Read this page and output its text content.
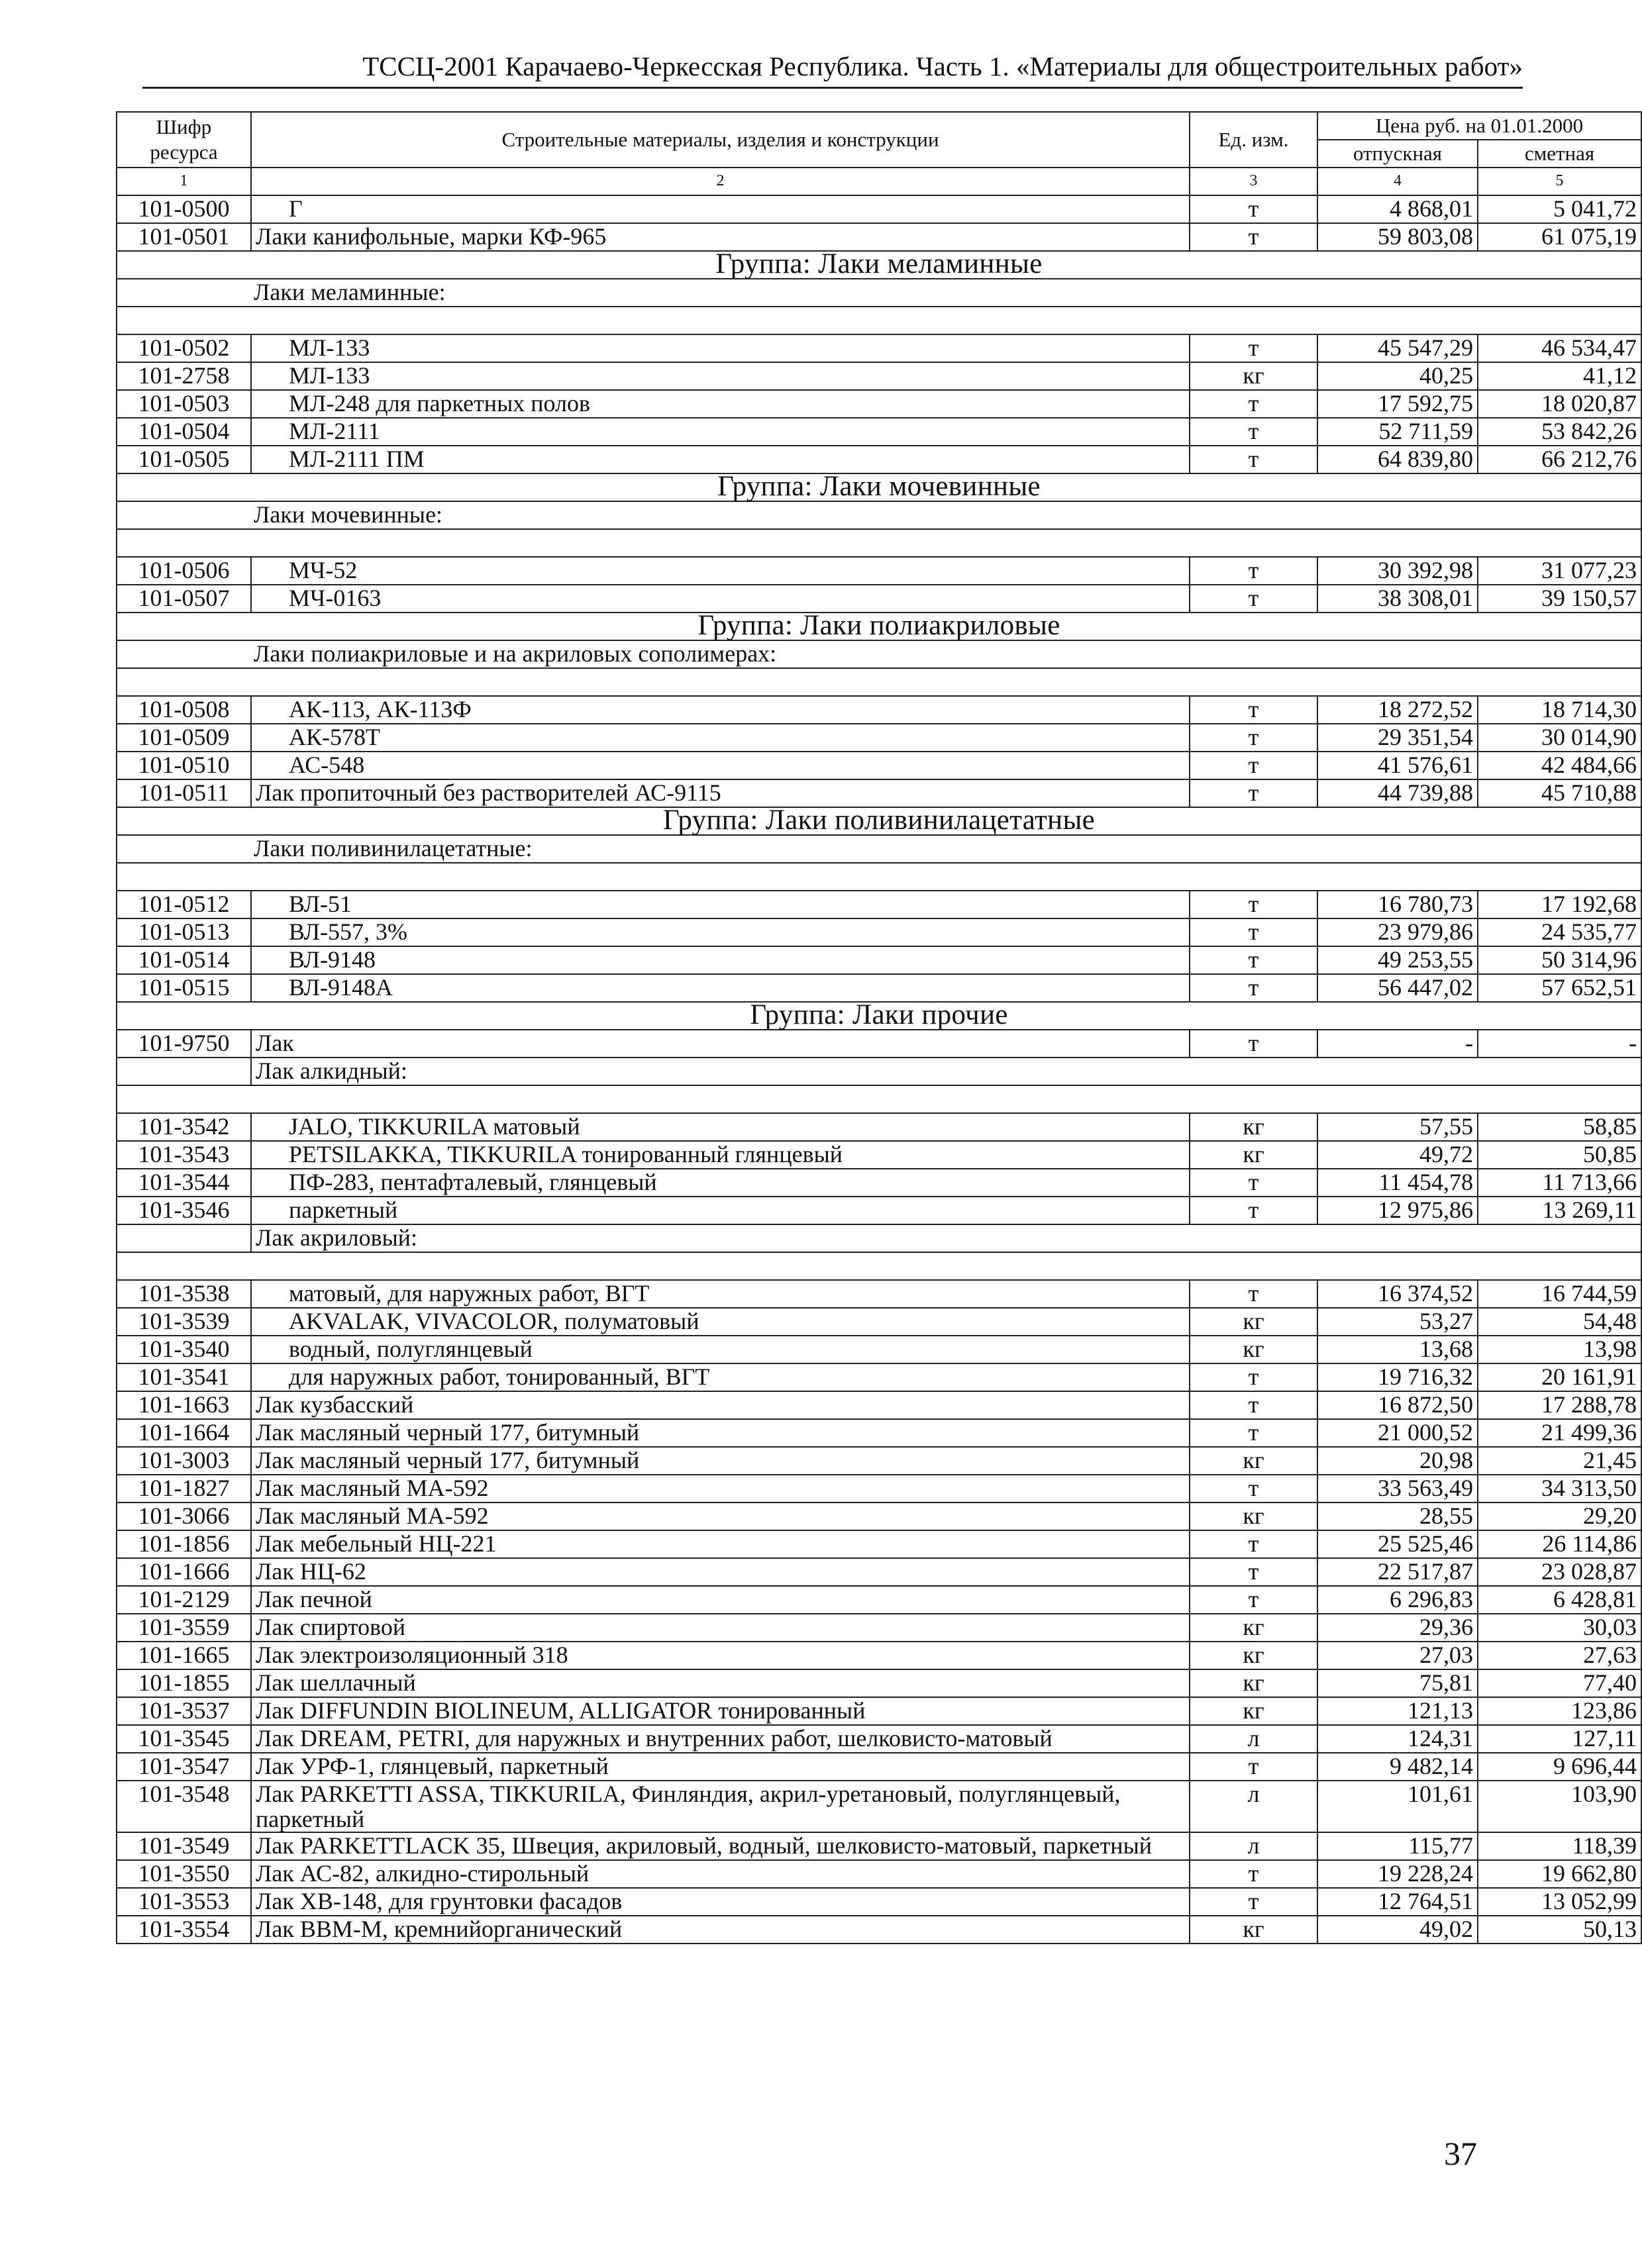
ТССЦ-2001 Карачаево-Черкесская Республика. Часть 1. «Материалы для общестроительных работ»
Шифр ресурса	Строительные материалы, изделия и конструкции	Ед. изм.	Цена руб. на 01.01.2000	
			отпускная	сметная
1	2	3	4	5
101-0500	Г	т	4 868,01	5 041,72
101-0501	Лаки канифольные, марки КФ-965	т	59 803,08	61 075,19
Группа: Лаки меламинные				
Лаки меламинные:				

101-0502	МЛ-133	т	45 547,29	46 534,47
101-2758	МЛ-133	кг	40,25	41,12
101-0503	МЛ-248 для паркетных полов	т	17 592,75	18 020,87
101-0504	МЛ-2111	т	52 711,59	53 842,26
101-0505	МЛ-2111 ПМ	т	64 839,80	66 212,76
Группа: Лаки мочевинные				
Лаки мочевинные:				

101-0506	МЧ-52	т	30 392,98	31 077,23
101-0507	МЧ-0163	т	38 308,01	39 150,57
Группа: Лаки полиакриловые				
Лаки полиакриловые и на акриловых сополимерах:				

101-0508	АК-113, АК-113Ф	т	18 272,52	18 714,30
101-0509	АК-578Т	т	29 351,54	30 014,90
101-0510	АС-548	т	41 576,61	42 484,66
101-0511	Лак пропиточный без растворителей АС-9115	т	44 739,88	45 710,88
Группа: Лаки поливинилацетатные				
Лаки поливинилацетатные:				

101-0512	ВЛ-51	т	16 780,73	17 192,68
101-0513	ВЛ-557, 3%	т	23 979,86	24 535,77
101-0514	ВЛ-9148	т	49 253,55	50 314,96
101-0515	ВЛ-9148А	т	56 447,02	57 652,51
Группа: Лаки прочие				
101-9750	Лак	т	-	-
	Лак алкидный:			

101-3542	JALO, TIKKURILA матовый	кг	57,55	58,85
101-3543	PETSILAKKA, TIKKURILA тонированный глянцевый	кг	49,72	50,85
101-3544	ПФ-283, пентафталевый, глянцевый	т	11 454,78	11 713,66
101-3546	паркетный	т	12 975,86	13 269,11
	Лак акриловый:			

101-3538	матовый, для наружных работ, ВГТ	т	16 374,52	16 744,59
101-3539	AKVALAK, VIVACOLOR, полуматовый	кг	53,27	54,48
101-3540	водный, полуглянцевый	кг	13,68	13,98
101-3541	для наружных работ, тонированный, ВГТ	т	19 716,32	20 161,91
101-1663	Лак кузбасский	т	16 872,50	17 288,78
101-1664	Лак масляный черный 177, битумный	т	21 000,52	21 499,36
101-3003	Лак масляный черный 177, битумный	кг	20,98	21,45
101-1827	Лак масляный МА-592	т	33 563,49	34 313,50
101-3066	Лак масляный МА-592	кг	28,55	29,20
101-1856	Лак мебельный НЦ-221	т	25 525,46	26 114,86
101-1666	Лак НЦ-62	т	22 517,87	23 028,87
101-2129	Лак печной	т	6 296,83	6 428,81
101-3559	Лак спиртовой	кг	29,36	30,03
101-1665	Лак электроизоляционный 318	кг	27,03	27,63
101-1855	Лак шеллачный	кг	75,81	77,40
101-3537	Лак DIFFUNDIN BIOLINEUM, ALLIGATOR тонированный	кг	121,13	123,86
101-3545	Лак DREAM, PETRI, для наружных и внутренних работ, шелковисто-матовый	л	124,31	127,11
101-3547	Лак УРФ-1, глянцевый, паркетный	т	9 482,14	9 696,44
101-3548	Лак PARKETTI ASSA, TIKKURILA, Финляндия, акрил-уретановый, полуглянцевый, паркетный	л	101,61	103,90
101-3549	Лак PARKETTLACK 35, Швеция, акриловый, водный, шелковисто-матовый, паркетный	л	115,77	118,39
101-3550	Лак АС-82, алкидно-стирольный	т	19 228,24	19 662,80
101-3553	Лак ХВ-148, для грунтовки фасадов	т	12 764,51	13 052,99
101-3554	Лак ВВМ-М, кремнийорганический	кг	49,02	50,13
37
